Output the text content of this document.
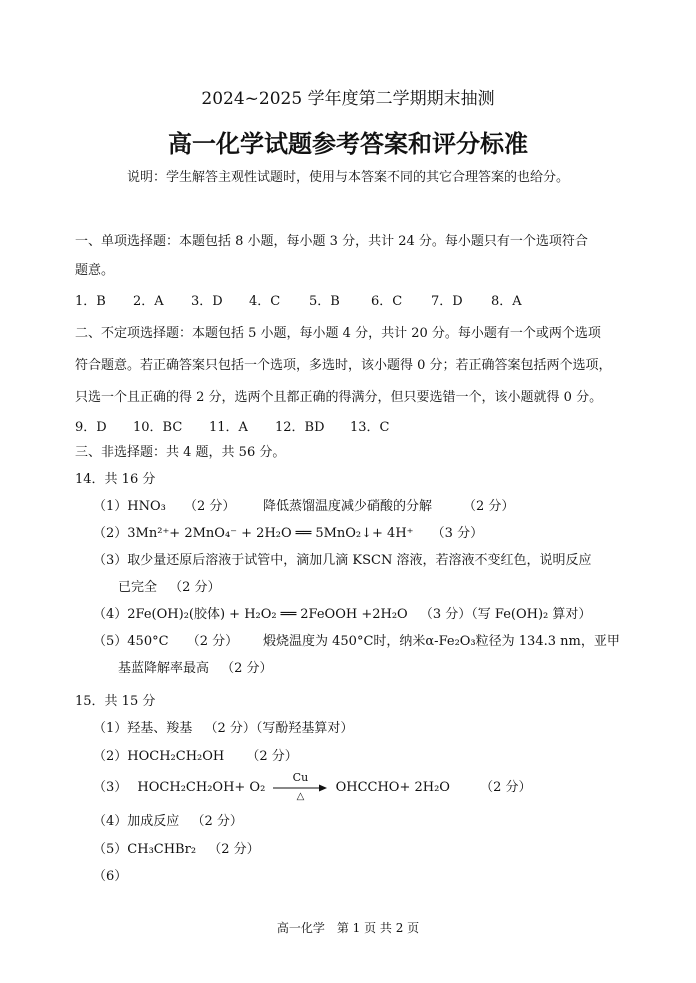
2024~2025 学年度第二学期期末抽测
高一化学试题参考答案和评分标准
说明：学生解答主观性试题时，使用与本答案不同的其它合理答案的也给分。
一、单项选择题：本题包括 8 小题，每小题 3 分，共计 24 分。每小题只有一个选项符合
题意。
1．B 2．A 3．D 4．C 5．B 6．C 7．D 8．A
二、不定项选择题：本题包括 5 小题，每小题 4 分，共计 20 分。每小题有一个或两个选项
符合题意。若正确答案只包括一个选项，多选时，该小题得 0 分；若正确答案包括两个选项，
只选一个且正确的得 2 分，选两个且都正确的得满分，但只要选错一个，该小题就得 0 分。
9．D 10．BC 11．A 12．BD 13．C
三、非选择题：共 4 题，共 56 分。
14．共 16 分
（1）HNO₃ （2 分） 降低蒸馏温度减少硝酸的分解 （2 分）
（2）3Mn²⁺+ 2MnO₄⁻ + 2H₂O ══ 5MnO₂↓+ 4H⁺ （3 分）
（3）取少量还原后溶液于试管中，滴加几滴 KSCN 溶液，若溶液不变红色，说明反应
已完全 （2 分）
（4）2Fe(OH)₂(胶体) + H₂O₂ ══ 2FeOOH +2H₂O （3 分）（写 Fe(OH)₂ 算对）
（5）450°C （2 分） 煅烧温度为 450°C时，纳米α-Fe₂O₃粒径为 134.3 nm，亚甲
基蓝降解率最高 （2 分）
15．共 15 分
（1）羟基、羧基 （2 分）（写酚羟基算对）
（2）HOCH₂CH₂OH （2 分）
（3） HOCH₂CH₂OH+ O₂
Cu
△
OHCCHO+ 2H₂O （2 分）
（4）加成反应 （2 分）
（5）CH₃CHBr₂ （2 分）
（6）
高一化学　第 1 页 共 2 页
